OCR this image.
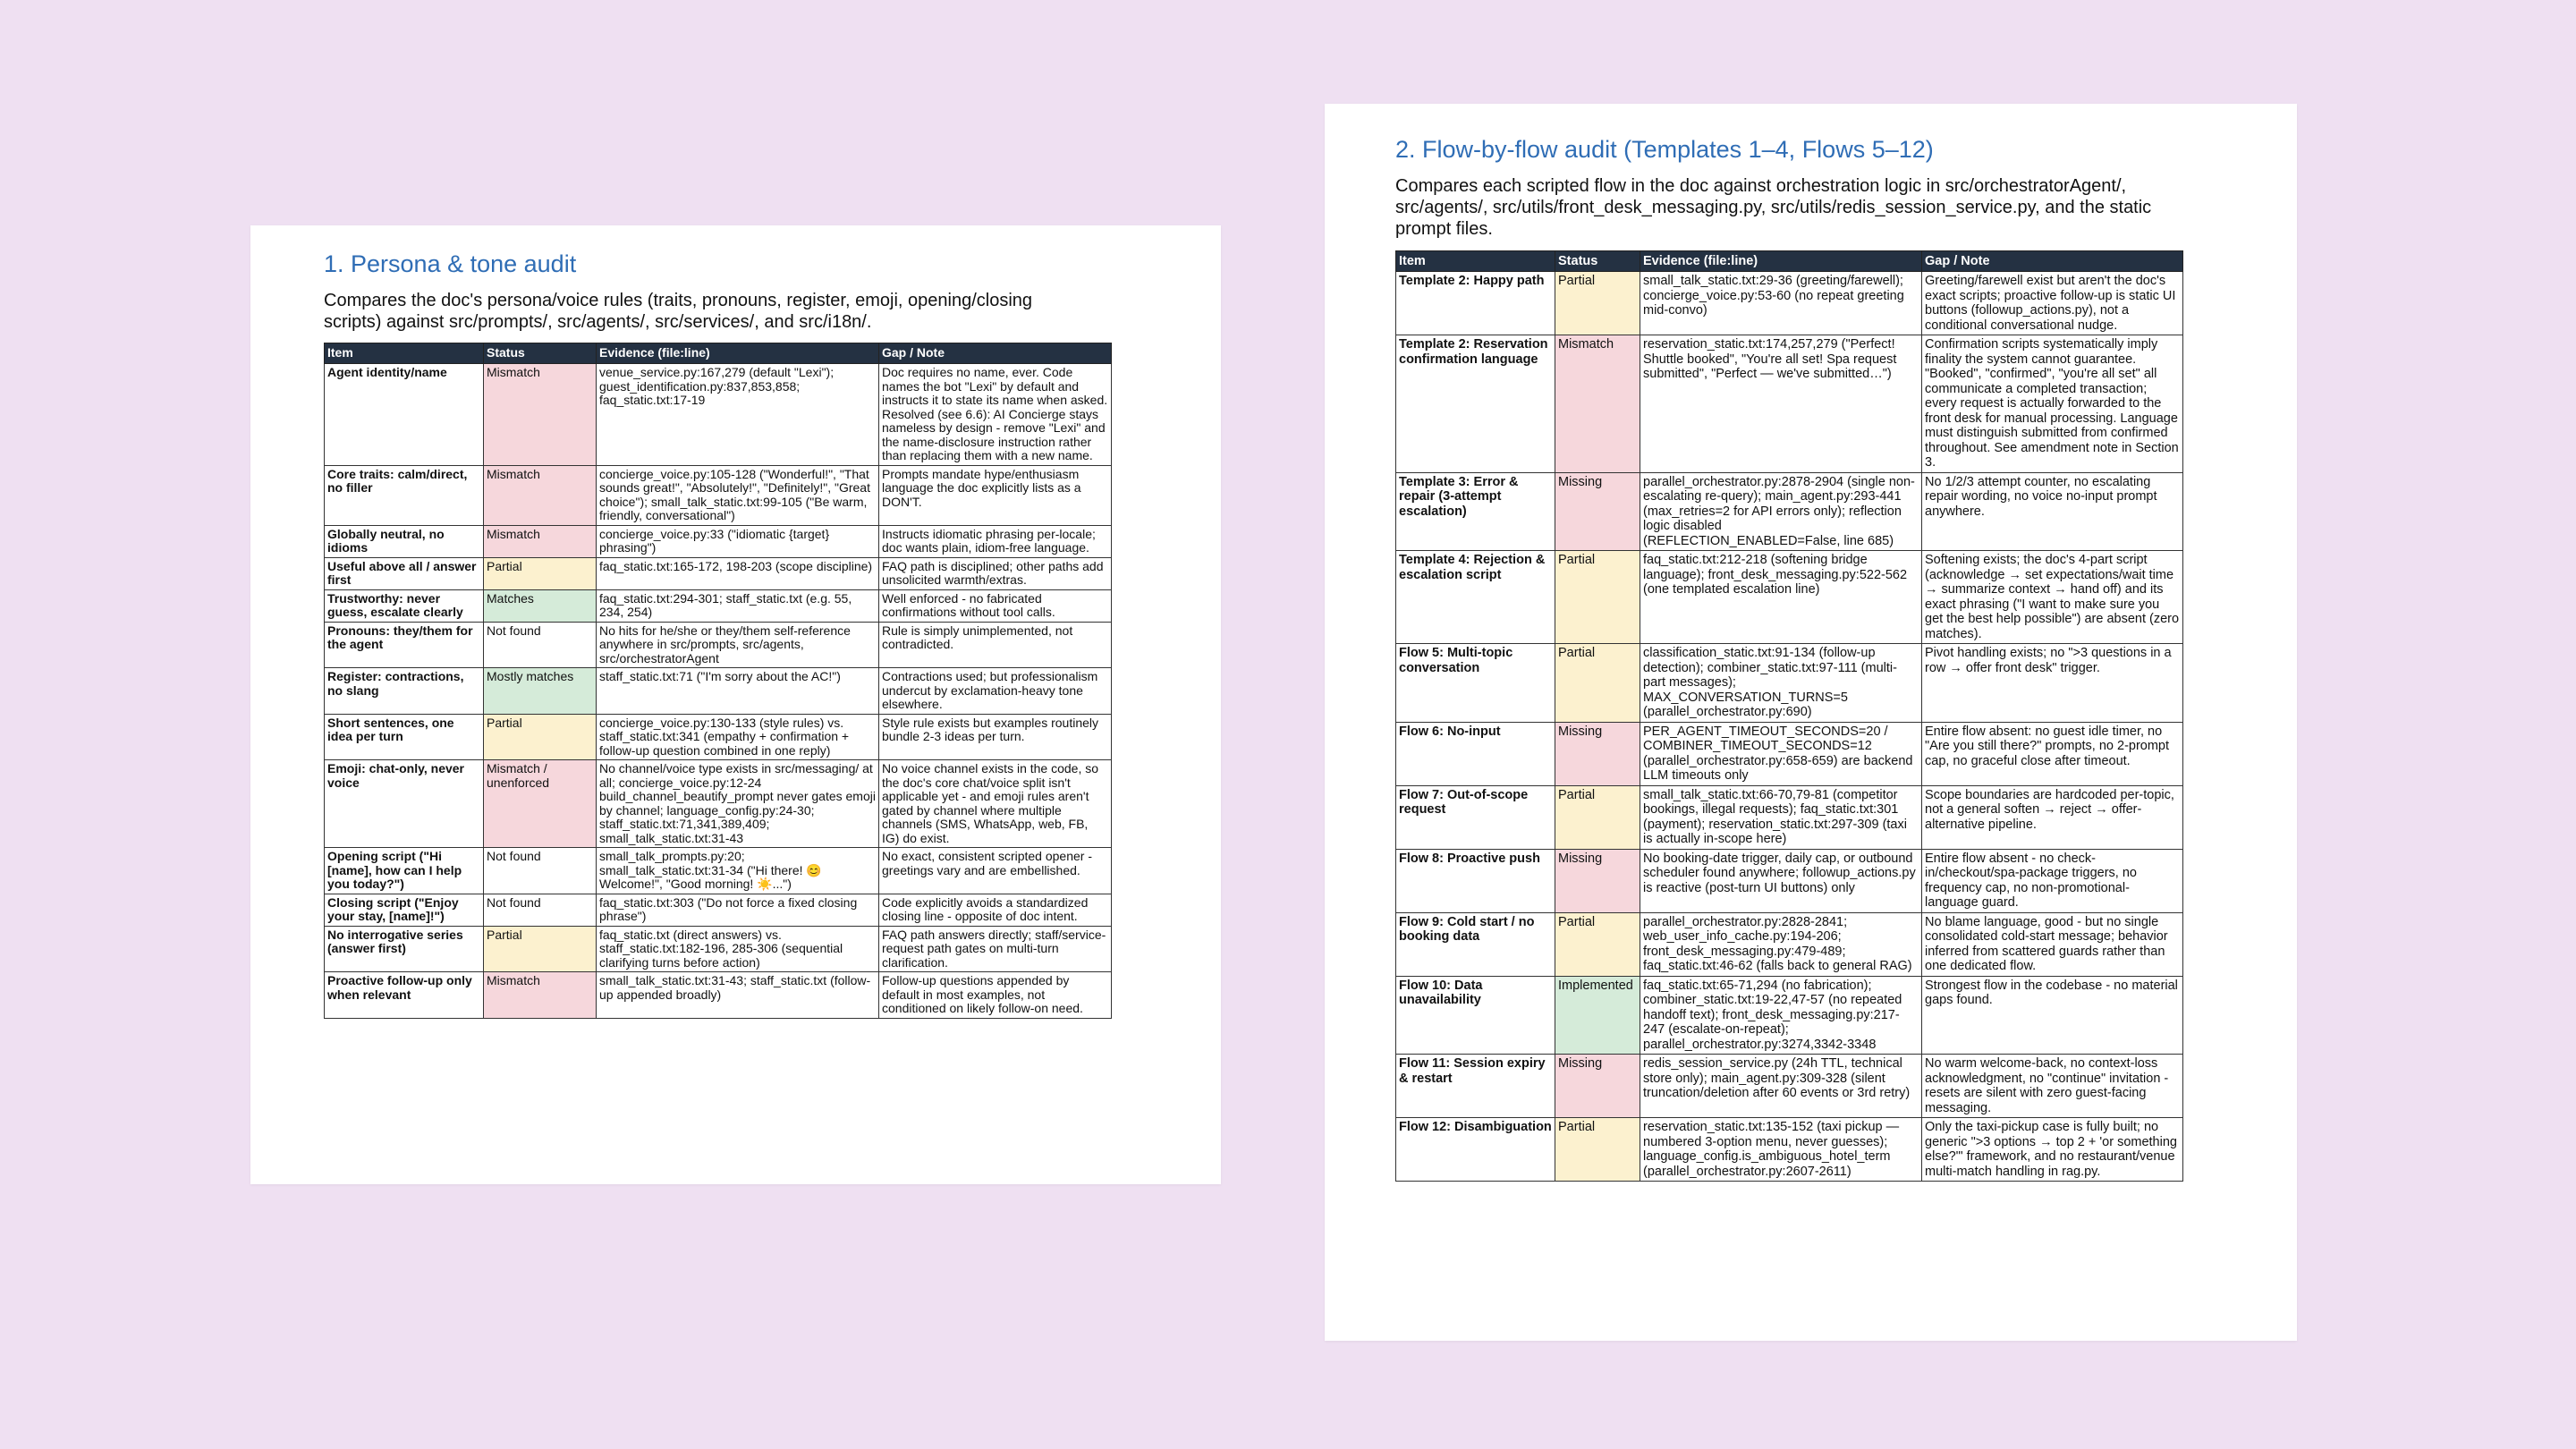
1. Persona & tone audit
Compares the doc's persona/voice rules (traits, pronouns, register, emoji, opening/closing scripts) against src/prompts/, src/agents/, src/services/, and src/i18n/.
Item	Status	Evidence (file:line)	Gap / Note
Agent identity/name	Mismatch	venue_service.py:167,279 (default "Lexi"); guest_identification.py:837,853,858; faq_static.txt:17-19	Doc requires no name, ever. Code names the bot "Lexi" by default and instructs it to state its name when asked. Resolved (see 6.6): AI Concierge stays nameless by design - remove "Lexi" and the name-disclosure instruction rather than replacing them with a new name.
Core traits: calm/direct, no filler	Mismatch	concierge_voice.py:105-128 ("Wonderful!", "That sounds great!", "Absolutely!", "Definitely!", "Great choice"); small_talk_static.txt:99-105 ("Be warm, friendly, conversational")	Prompts mandate hype/enthusiasm language the doc explicitly lists as a DON'T.
Globally neutral, no idioms	Mismatch	concierge_voice.py:33 ("idiomatic {target} phrasing")	Instructs idiomatic phrasing per-locale; doc wants plain, idiom-free language.
Useful above all / answer first	Partial	faq_static.txt:165-172, 198-203 (scope discipline)	FAQ path is disciplined; other paths add unsolicited warmth/extras.
Trustworthy: never guess, escalate clearly	Matches	faq_static.txt:294-301; staff_static.txt (e.g. 55, 234, 254)	Well enforced - no fabricated confirmations without tool calls.
Pronouns: they/them for the agent	Not found	No hits for he/she or they/them self-reference anywhere in src/prompts, src/agents, src/orchestratorAgent	Rule is simply unimplemented, not contradicted.
Register: contractions, no slang	Mostly matches	staff_static.txt:71 ("I'm sorry about the AC!")	Contractions used; but professionalism undercut by exclamation-heavy tone elsewhere.
Short sentences, one idea per turn	Partial	concierge_voice.py:130-133 (style rules) vs. staff_static.txt:341 (empathy + confirmation + follow-up question combined in one reply)	Style rule exists but examples routinely bundle 2-3 ideas per turn.
Emoji: chat-only, never voice	Mismatch / unenforced	No channel/voice type exists in src/messaging/ at all; concierge_voice.py:12-24 build_channel_beautify_prompt never gates emoji by channel; language_config.py:24-30; staff_static.txt:71,341,389,409; small_talk_static.txt:31-43	No voice channel exists in the code, so the doc's core chat/voice split isn't applicable yet - and emoji rules aren't gated by channel where multiple channels (SMS, WhatsApp, web, FB, IG) do exist.
Opening script ("Hi [name], how can I help you today?")	Not found	small_talk_prompts.py:20; small_talk_static.txt:31-34 ("Hi there! 😊 Welcome!", "Good morning! ☀️...")	No exact, consistent scripted opener - greetings vary and are embellished.
Closing script ("Enjoy your stay, [name]!")	Not found	faq_static.txt:303 ("Do not force a fixed closing phrase")	Code explicitly avoids a standardized closing line - opposite of doc intent.
No interrogative series (answer first)	Partial	faq_static.txt (direct answers) vs. staff_static.txt:182-196, 285-306 (sequential clarifying turns before action)	FAQ path answers directly; staff/service-request path gates on multi-turn clarification.
Proactive follow-up only when relevant	Mismatch	small_talk_static.txt:31-43; staff_static.txt (follow-up appended broadly)	Follow-up questions appended by default in most examples, not conditioned on likely follow-on need.
2. Flow-by-flow audit (Templates 1–4, Flows 5–12)
Compares each scripted flow in the doc against orchestration logic in src/orchestratorAgent/, src/agents/, src/utils/front_desk_messaging.py, src/utils/redis_session_service.py, and the static prompt files.
Item	Status	Evidence (file:line)	Gap / Note
Template 2: Happy path	Partial	small_talk_static.txt:29-36 (greeting/farewell); concierge_voice.py:53-60 (no repeat greeting mid-convo)	Greeting/farewell exist but aren't the doc's exact scripts; proactive follow-up is static UI buttons (followup_actions.py), not a conditional conversational nudge.
Template 2: Reservation confirmation language	Mismatch	reservation_static.txt:174,257,279 ("Perfect! Shuttle booked", "You're all set! Spa request submitted", "Perfect — we've submitted…")	Confirmation scripts systematically imply finality the system cannot guarantee. "Booked", "confirmed", "you're all set" all communicate a completed transaction; every request is actually forwarded to the front desk for manual processing. Language must distinguish submitted from confirmed throughout. See amendment note in Section 3.
Template 3: Error & repair (3-attempt escalation)	Missing	parallel_orchestrator.py:2878-2904 (single non-escalating re-query); main_agent.py:293-441 (max_retries=2 for API errors only); reflection logic disabled (REFLECTION_ENABLED=False, line 685)	No 1/2/3 attempt counter, no escalating repair wording, no voice no-input prompt anywhere.
Template 4: Rejection & escalation script	Partial	faq_static.txt:212-218 (softening bridge language); front_desk_messaging.py:522-562 (one templated escalation line)	Softening exists; the doc's 4-part script (acknowledge → set expectations/wait time → summarize context → hand off) and its exact phrasing ("I want to make sure you get the best help possible") are absent (zero matches).
Flow 5: Multi-topic conversation	Partial	classification_static.txt:91-134 (follow-up detection); combiner_static.txt:97-111 (multi-part messages); MAX_CONVERSATION_TURNS=5 (parallel_orchestrator.py:690)	Pivot handling exists; no ">3 questions in a row → offer front desk" trigger.
Flow 6: No-input	Missing	PER_AGENT_TIMEOUT_SECONDS=20 / COMBINER_TIMEOUT_SECONDS=12 (parallel_orchestrator.py:658-659) are backend LLM timeouts only	Entire flow absent: no guest idle timer, no "Are you still there?" prompts, no 2-prompt cap, no graceful close after timeout.
Flow 7: Out-of-scope request	Partial	small_talk_static.txt:66-70,79-81 (competitor bookings, illegal requests); faq_static.txt:301 (payment); reservation_static.txt:297-309 (taxi is actually in-scope here)	Scope boundaries are hardcoded per-topic, not a general soften → reject → offer-alternative pipeline.
Flow 8: Proactive push	Missing	No booking-date trigger, daily cap, or outbound scheduler found anywhere; followup_actions.py is reactive (post-turn UI buttons) only	Entire flow absent - no check-in/checkout/spa-package triggers, no frequency cap, no non-promotional-language guard.
Flow 9: Cold start / no booking data	Partial	parallel_orchestrator.py:2828-2841; web_user_info_cache.py:194-206; front_desk_messaging.py:479-489; faq_static.txt:46-62 (falls back to general RAG)	No blame language, good - but no single consolidated cold-start message; behavior inferred from scattered guards rather than one dedicated flow.
Flow 10: Data unavailability	Implemented	faq_static.txt:65-71,294 (no fabrication); combiner_static.txt:19-22,47-57 (no repeated handoff text); front_desk_messaging.py:217-247 (escalate-on-repeat); parallel_orchestrator.py:3274,3342-3348	Strongest flow in the codebase - no material gaps found.
Flow 11: Session expiry & restart	Missing	redis_session_service.py (24h TTL, technical store only); main_agent.py:309-328 (silent truncation/deletion after 60 events or 3rd retry)	No warm welcome-back, no context-loss acknowledgment, no "continue" invitation - resets are silent with zero guest-facing messaging.
Flow 12: Disambiguation	Partial	reservation_static.txt:135-152 (taxi pickup — numbered 3-option menu, never guesses); language_config.is_ambiguous_hotel_term (parallel_orchestrator.py:2607-2611)	Only the taxi-pickup case is fully built; no generic ">3 options → top 2 + 'or something else?'" framework, and no restaurant/venue multi-match handling in rag.py.
